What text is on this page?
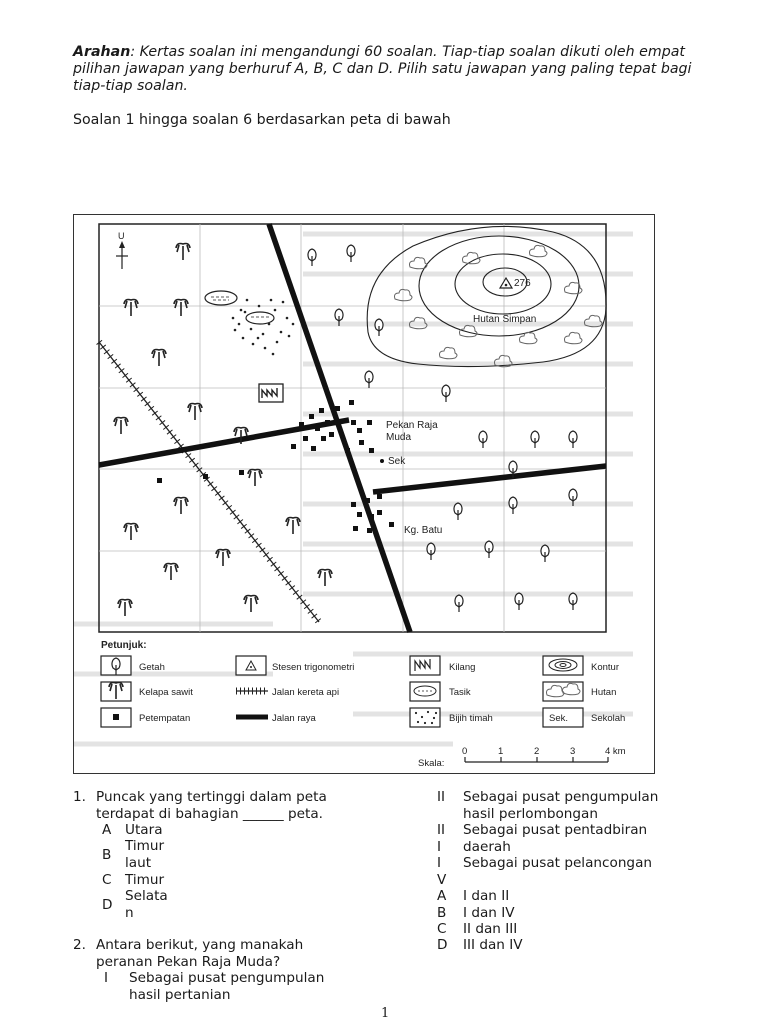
Arahan: Kertas soalan ini mengandungi 60 soalan. Tiap-tiap soalan dikuti oleh empat pilihan jawapan yang berhuruf A, B, C dan D. Pilih satu jawapan yang paling tepat bagi tiap-tiap soalan.
Soalan 1 hingga soalan 6 berdasarkan peta di bawah
276
Hutan Simpan
Sek
Pekan Raja
Muda
Kg. Batu
U
Petunjuk:
Getah	Stesen trigonometri	Kilang	Kontur
Kelapa sawit	Jalan kereta api	Tasik	Hutan
Petempatan	Jalan raya	Bijih timah	Sek. Sekolah
Skala:
0	1	2	3	4 km
1. Puncak yang tertinggi dalam peta
terdapat di bahagian ______ peta.
A Utara
B
Timur
laut
C Timur
D
Selata
n
2. Antara berikut, yang manakah
peranan Pekan Raja Muda?
I Sebagai pusat pengumpulan
hasil pertanian
II Sebagai pusat pengumpulan
hasil perlombongan
II
I
Sebagai pusat pentadbiran
daerah
I
V
Sebagai pusat pelancongan
A I dan II
B I dan IV
C II dan III
D III dan IV
1
